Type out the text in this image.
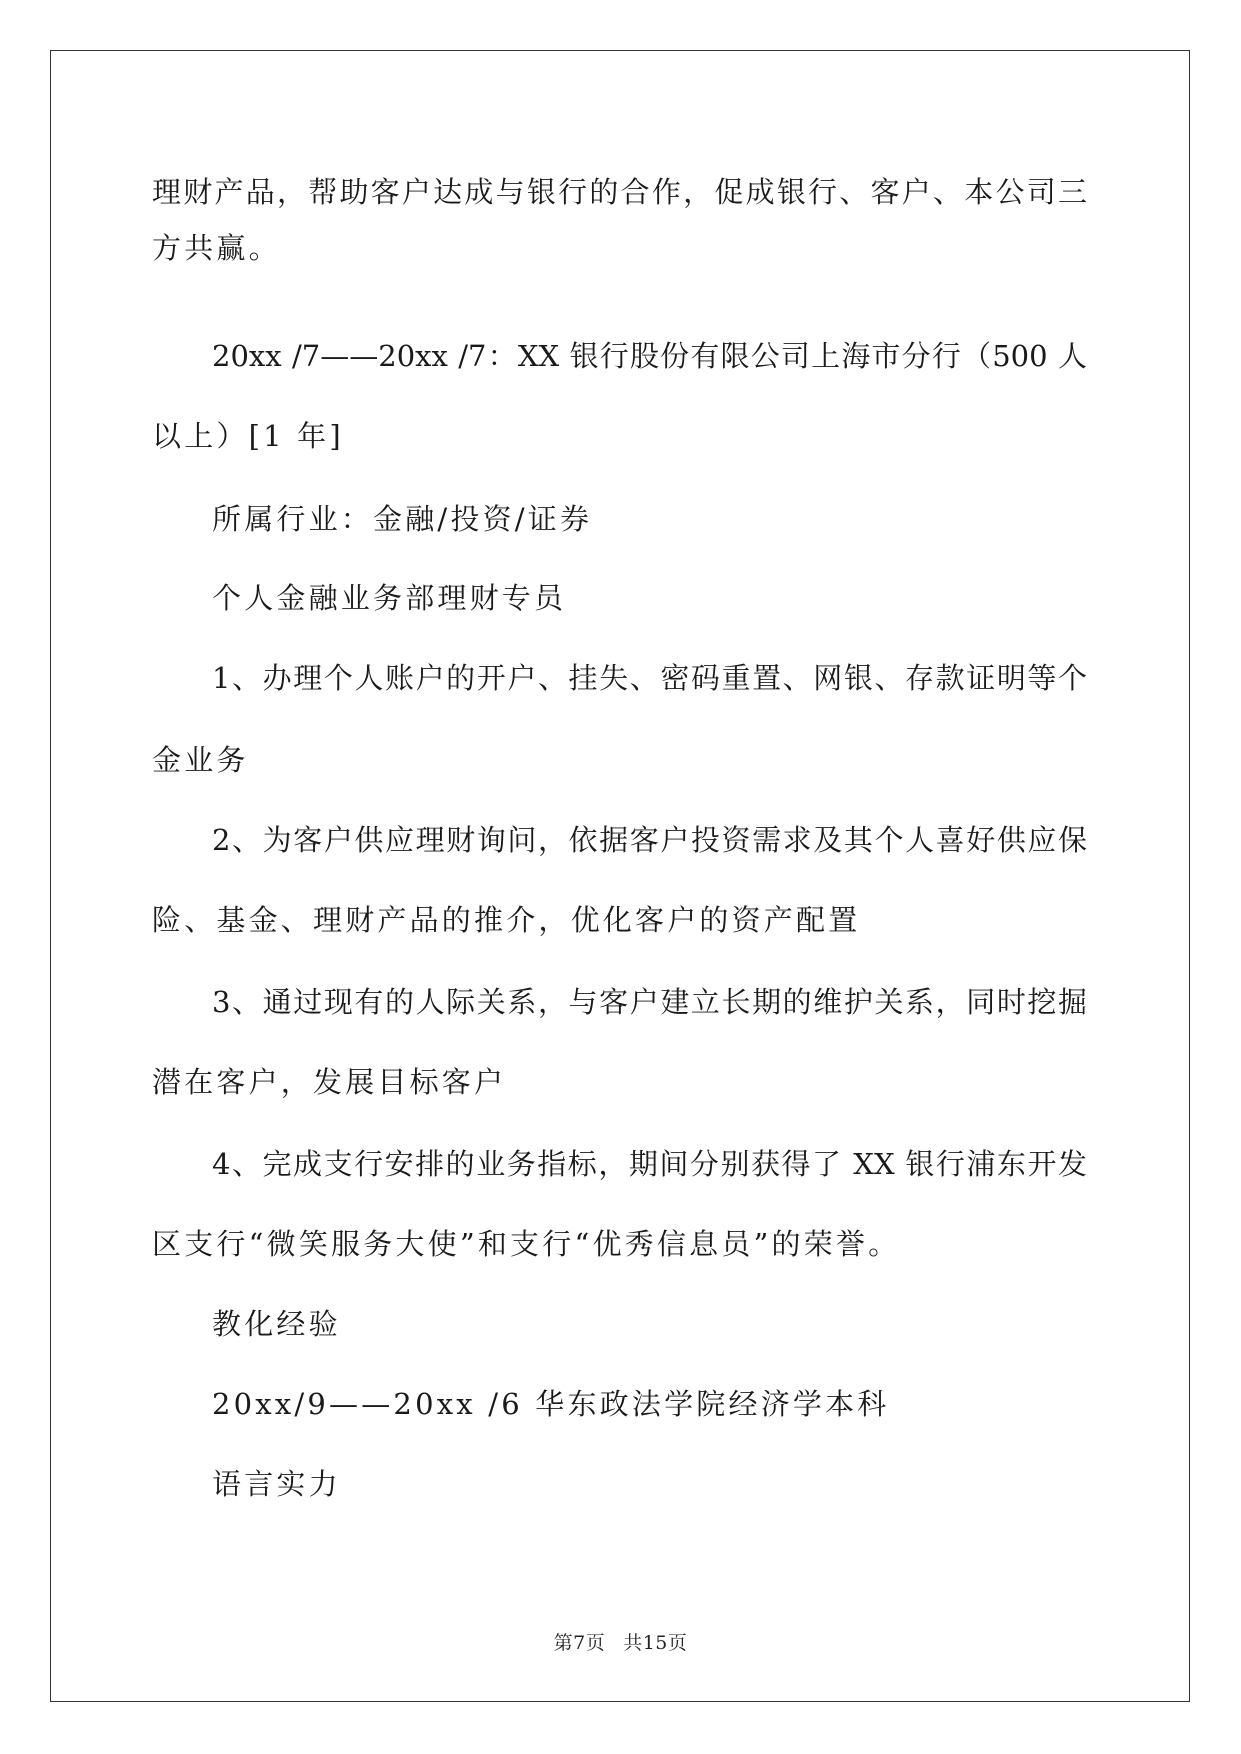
理财产品，帮助客户达成与银行的合作，促成银行、客户、本公司三
方共赢。
20xx /7——20xx /7：XX 银行股份有限公司上海市分行（500 人
以上）[1 年]
所属行业：金融/投资/证券
个人金融业务部理财专员
1、办理个人账户的开户、挂失、密码重置、网银、存款证明等个
金业务
2、为客户供应理财询问，依据客户投资需求及其个人喜好供应保
险、基金、理财产品的推介，优化客户的资产配置
3、通过现有的人际关系，与客户建立长期的维护关系，同时挖掘
潜在客户，发展目标客户
4、完成支行安排的业务指标，期间分别获得了 XX 银行浦东开发
区支行“微笑服务大使”和支行“优秀信息员”的荣誉。
教化经验
20xx/9——20xx /6 华东政法学院经济学本科
语言实力
第7页 共15页
